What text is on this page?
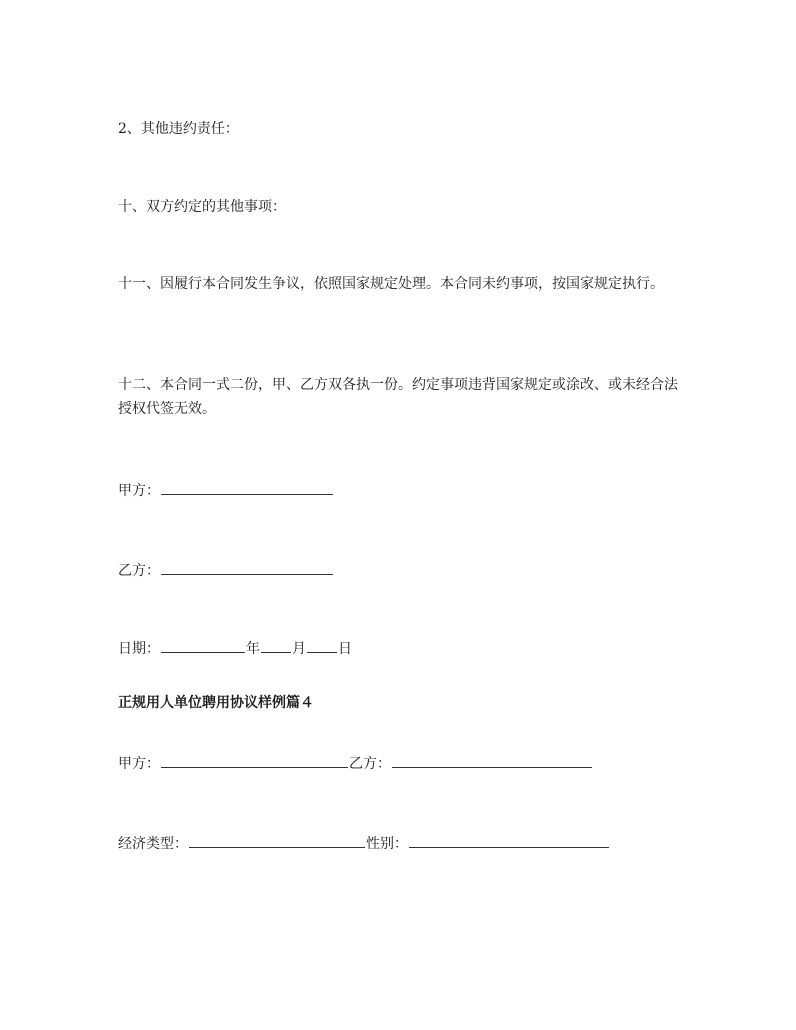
2、其他违约责任：
十、双方约定的其他事项：
十一、因履行本合同发生争议，依照国家规定处理。本合同未约事项，按国家规定执行。
十二、本合同一式二份，甲、乙方双各执一份。约定事项违背国家规定或涂改、或未经合法授权代签无效。
甲方：
乙方：
日期：	年 月 日
正规用人单位聘用协议样例篇４
甲方：	乙方：
经济类型：	性别：
